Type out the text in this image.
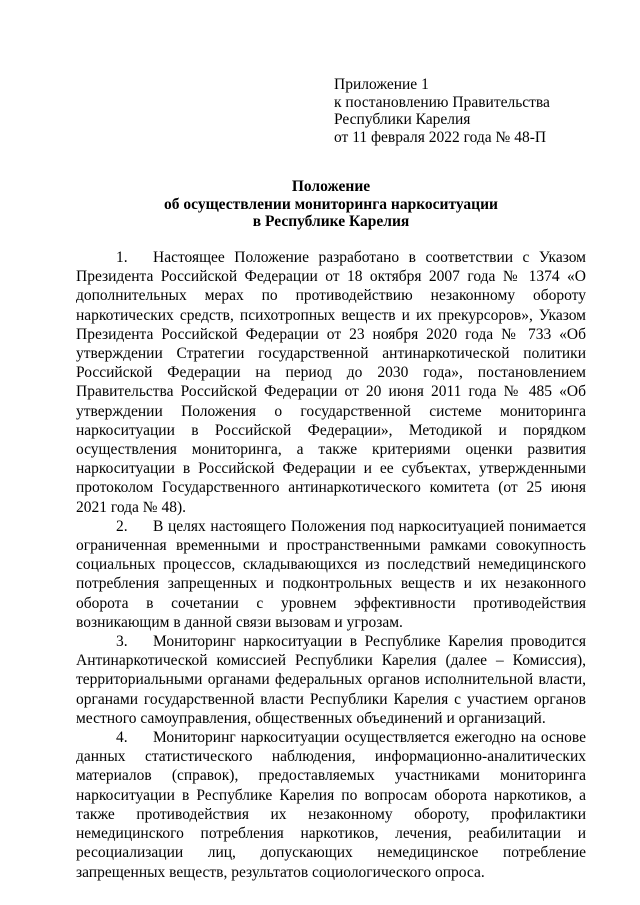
Приложение 1
к постановлению Правительства
Республики Карелия
от 11 февраля 2022 года № 48-П
Положение
об осуществлении мониторинга наркоситуации
в Республике Карелия

1. Настоящее Положение разработано в соответствии с Указом Президента Российской Федерации от 18 октября 2007 года № 1374 «О дополнительных мерах по противодействию незаконному обороту наркотических средств, психотропных веществ и их прекурсоров», Указом Президента Российской Федерации от 23 ноября 2020 года № 733 «Об утверждении Стратегии государственной антинаркотической политики Российской Федерации на период до 2030 года», постановлением Правительства Российской Федерации от 20 июня 2011 года № 485 «Об утверждении Положения о государственной системе мониторинга наркоситуации в Российской Федерации», Методикой и порядком осуществления мониторинга, а также критериями оценки развития наркоситуации в Российской Федерации и ее субъектах, утвержденными протоколом Государственного антинаркотического комитета (от 25 июня 2021 года № 48).

2. В целях настоящего Положения под наркоситуацией понимается ограниченная временными и пространственными рамками совокупность социальных процессов, складывающихся из последствий немедицинского потребления запрещенных и подконтрольных веществ и их незаконного оборота в сочетании с уровнем эффективности противодействия возникающим в данной связи вызовам и угрозам.

3. Мониторинг наркоситуации в Республике Карелия проводится Антинаркотической комиссией Республики Карелия (далее – Комиссия), территориальными органами федеральных органов исполнительной власти, органами государственной власти Республики Карелия с участием органов местного самоуправления, общественных объединений и организаций.

4. Мониторинг наркоситуации осуществляется ежегодно на основе данных статистического наблюдения, информационно-аналитических материалов (справок), предоставляемых участниками мониторинга наркоситуации в Республике Карелия по вопросам оборота наркотиков, а также противодействия их незаконному обороту, профилактики немедицинского потребления наркотиков, лечения, реабилитации и ресоциализации лиц, допускающих немедицинское потребление запрещенных веществ, результатов социологического опроса.
